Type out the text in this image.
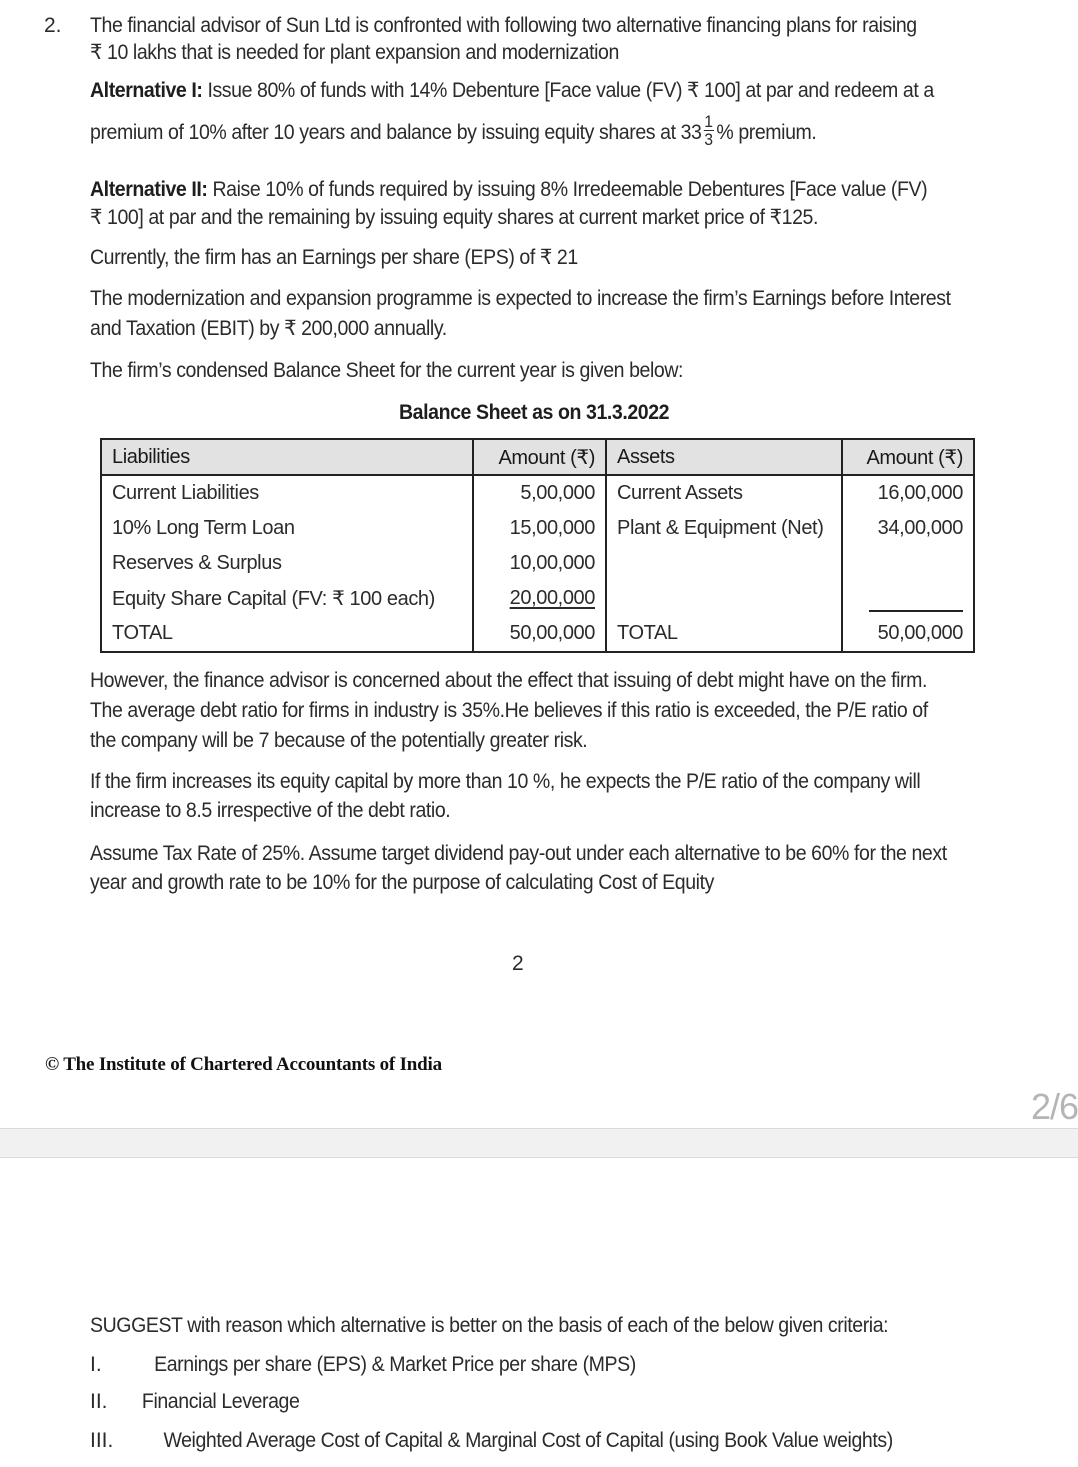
2. The financial advisor of Sun Ltd is confronted with following two alternative financing plans for raising
₹ 10 lakhs that is needed for plant expansion and modernization
Alternative I: Issue 80% of funds with 14% Debenture [Face value (FV) ₹ 100] at par and redeem at a
premium of 10% after 10 years and balance by issuing equity shares at $33 \frac{1}{3}$ % premium.
Alternative II: Raise 10% of funds required by issuing 8% Irredeemable Debentures [Face value (FV)
₹ 100] at par and the remaining by issuing equity shares at current market price of ₹125.
Currently, the firm has an Earnings per share (EPS) of ₹ 21
The modernization and expansion programme is expected to increase the firm’s Earnings before Interest
and Taxation (EBIT) by ₹ 200,000 annually.
The firm’s condensed Balance Sheet for the current year is given below:
Balance Sheet as on 31.3.2022
Liabilities	Amount (₹)	Assets	Amount (₹)
Current Liabilities	5,00,000	Current Assets	16,00,000
10% Long Term Loan	15,00,000	Plant & Equipment (Net)	34,00,000
Reserves & Surplus	10,00,000		
Equity Share Capital (FV: ₹ 100 each)	20,00,000		

TOTAL	50,00,000	TOTAL	50,00,000
However, the finance advisor is concerned about the effect that issuing of debt might have on the firm.
The average debt ratio for firms in industry is 35%.He believes if this ratio is exceeded, the P/E ratio of
the company will be 7 because of the potentially greater risk.
If the firm increases its equity capital by more than 10 %, he expects the P/E ratio of the company will
increase to 8.5 irrespective of the debt ratio.
Assume Tax Rate of 25%. Assume target dividend pay-out under each alternative to be 60% for the next
year and growth rate to be 10% for the purpose of calculating Cost of Equity
2
© The Institute of Chartered Accountants of India
2/6
SUGGEST with reason which alternative is better on the basis of each of the below given criteria:
I. Earnings per share (EPS) & Market Price per share (MPS)
II. Financial Leverage
III. Weighted Average Cost of Capital & Marginal Cost of Capital (using Book Value weights)
